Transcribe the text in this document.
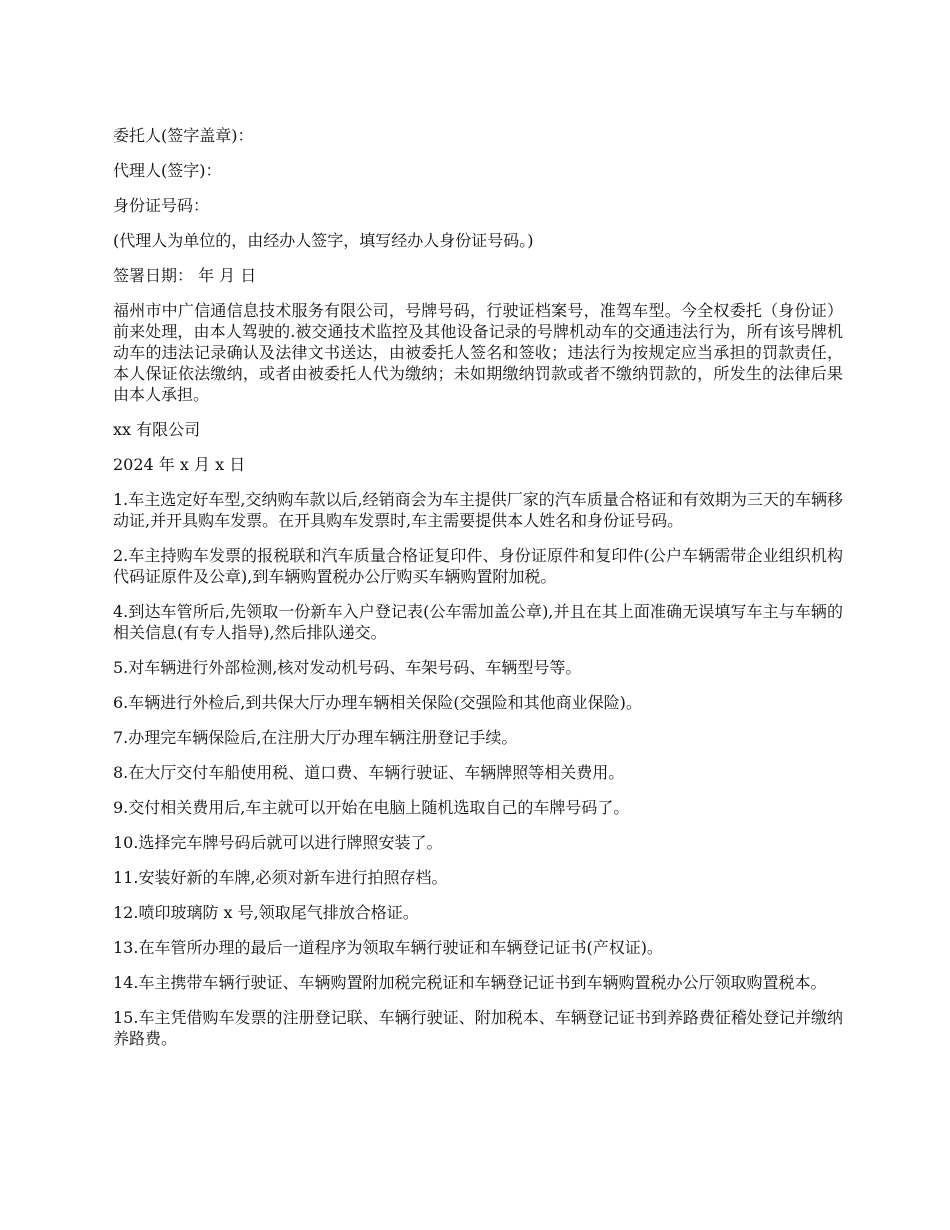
委托人(签字盖章)：

代理人(签字)：

身份证号码：

(代理人为单位的，由经办人签字，填写经办人身份证号码。)

签署日期： 年 月 日

福州市中广信通信息技术服务有限公司，号牌号码，行驶证档案号，准驾车型。今全权委托（身份证）前来处理，由本人驾驶的.被交通技术监控及其他设备记录的号牌机动车的交通违法行为，所有该号牌机动车的违法记录确认及法律文书送达，由被委托人签名和签收；违法行为按规定应当承担的罚款责任，本人保证依法缴纳，或者由被委托人代为缴纳；未如期缴纳罚款或者不缴纳罚款的，所发生的法律后果由本人承担。

xx 有限公司

2024 年 x 月 x 日

1.车主选定好车型,交纳购车款以后,经销商会为车主提供厂家的汽车质量合格证和有效期为三天的车辆移动证,并开具购车发票。在开具购车发票时,车主需要提供本人姓名和身份证号码。

2.车主持购车发票的报税联和汽车质量合格证复印件、身份证原件和复印件(公户车辆需带企业组织机构代码证原件及公章),到车辆购置税办公厅购买车辆购置附加税。

4.到达车管所后,先领取一份新车入户登记表(公车需加盖公章),并且在其上面准确无误填写车主与车辆的相关信息(有专人指导),然后排队递交。

5.对车辆进行外部检测,核对发动机号码、车架号码、车辆型号等。

6.车辆进行外检后,到共保大厅办理车辆相关保险(交强险和其他商业保险)。

7.办理完车辆保险后,在注册大厅办理车辆注册登记手续。

8.在大厅交付车船使用税、道口费、车辆行驶证、车辆牌照等相关费用。

9.交付相关费用后,车主就可以开始在电脑上随机选取自己的车牌号码了。

10.选择完车牌号码后就可以进行牌照安装了。

11.安装好新的车牌,必须对新车进行拍照存档。

12.喷印玻璃防 x 号,领取尾气排放合格证。

13.在车管所办理的最后一道程序为领取车辆行驶证和车辆登记证书(产权证)。

14.车主携带车辆行驶证、车辆购置附加税完税证和车辆登记证书到车辆购置税办公厅领取购置税本。

15.车主凭借购车发票的注册登记联、车辆行驶证、附加税本、车辆登记证书到养路费征稽处登记并缴纳养路费。
